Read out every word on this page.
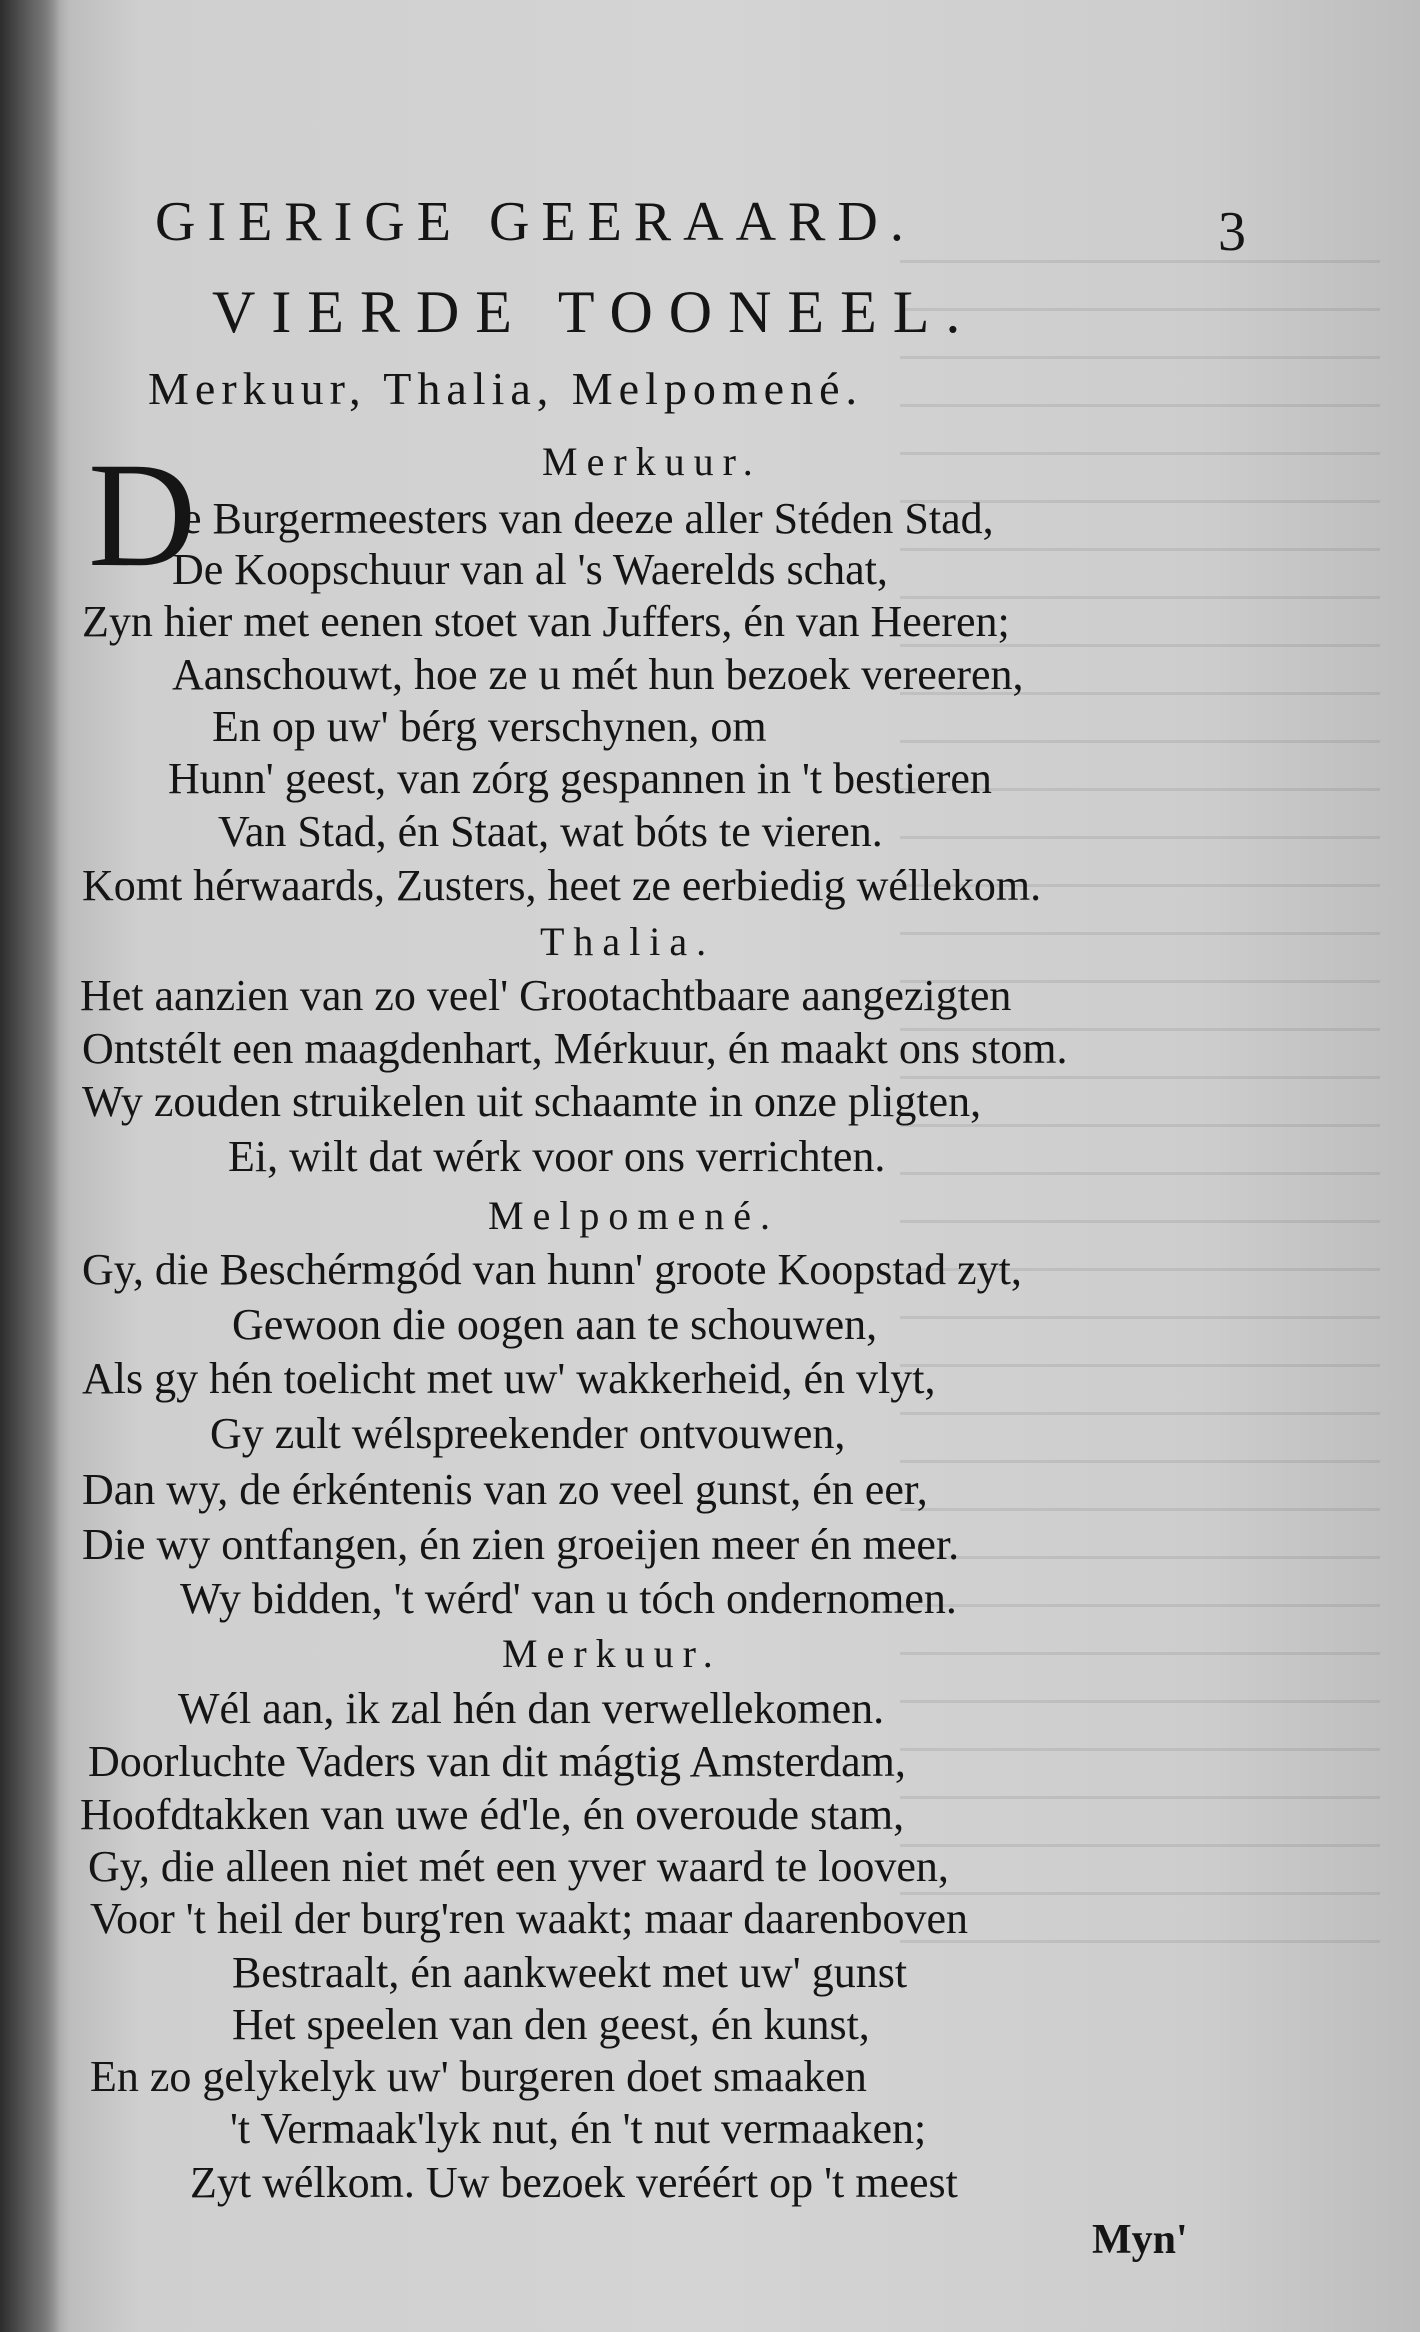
GIERIGE GEERAARD.	3
VIERDE TOONEEL.
Merkuur, Thalia, Melpomené.
D	Merkuur.
e Burgermeesters van deeze aller Stéden Stad,
De Koopschuur van al 's Waerelds schat,
Zyn hier met eenen stoet van Juffers, én van Heeren;
Aanschouwt, hoe ze u mét hun bezoek vereeren,
En op uw' bérg verschynen, om
Hunn' geest, van zórg gespannen in 't bestieren
Van Stad, én Staat, wat bóts te vieren.
Komt hérwaards, Zusters, heet ze eerbiedig wéllekom.
Thalia.
Het aanzien van zo veel' Grootachtbaare aangezigten
Ontstélt een maagdenhart, Mérkuur, én maakt ons stom.
Wy zouden struikelen uit schaamte in onze pligten,
Ei, wilt dat wérk voor ons verrichten.
Melpomené.
Gy, die Beschérmgód van hunn' groote Koopstad zyt,
Gewoon die oogen aan te schouwen,
Als gy hén toelicht met uw' wakkerheid, én vlyt,
Gy zult wélspreekender ontvouwen,
Dan wy, de érkéntenis van zo veel gunst, én eer,
Die wy ontfangen, én zien groeijen meer én meer.
Wy bidden, 't wérd' van u tóch ondernomen.
Merkuur.
Wél aan, ik zal hén dan verwellekomen.
Doorluchte Vaders van dit mágtig Amsterdam,
Hoofdtakken van uwe éd'le, én overoude stam,
Gy, die alleen niet mét een yver waard te looven,
Voor 't heil der burg'ren waakt; maar daarenboven
Bestraalt, én aankweekt met uw' gunst
Het speelen van den geest, én kunst,
En zo gelykelyk uw' burgeren doet smaaken
't Vermaak'lyk nut, én 't nut vermaaken;
Zyt wélkom. Uw bezoek veréért op 't meest
Myn'
